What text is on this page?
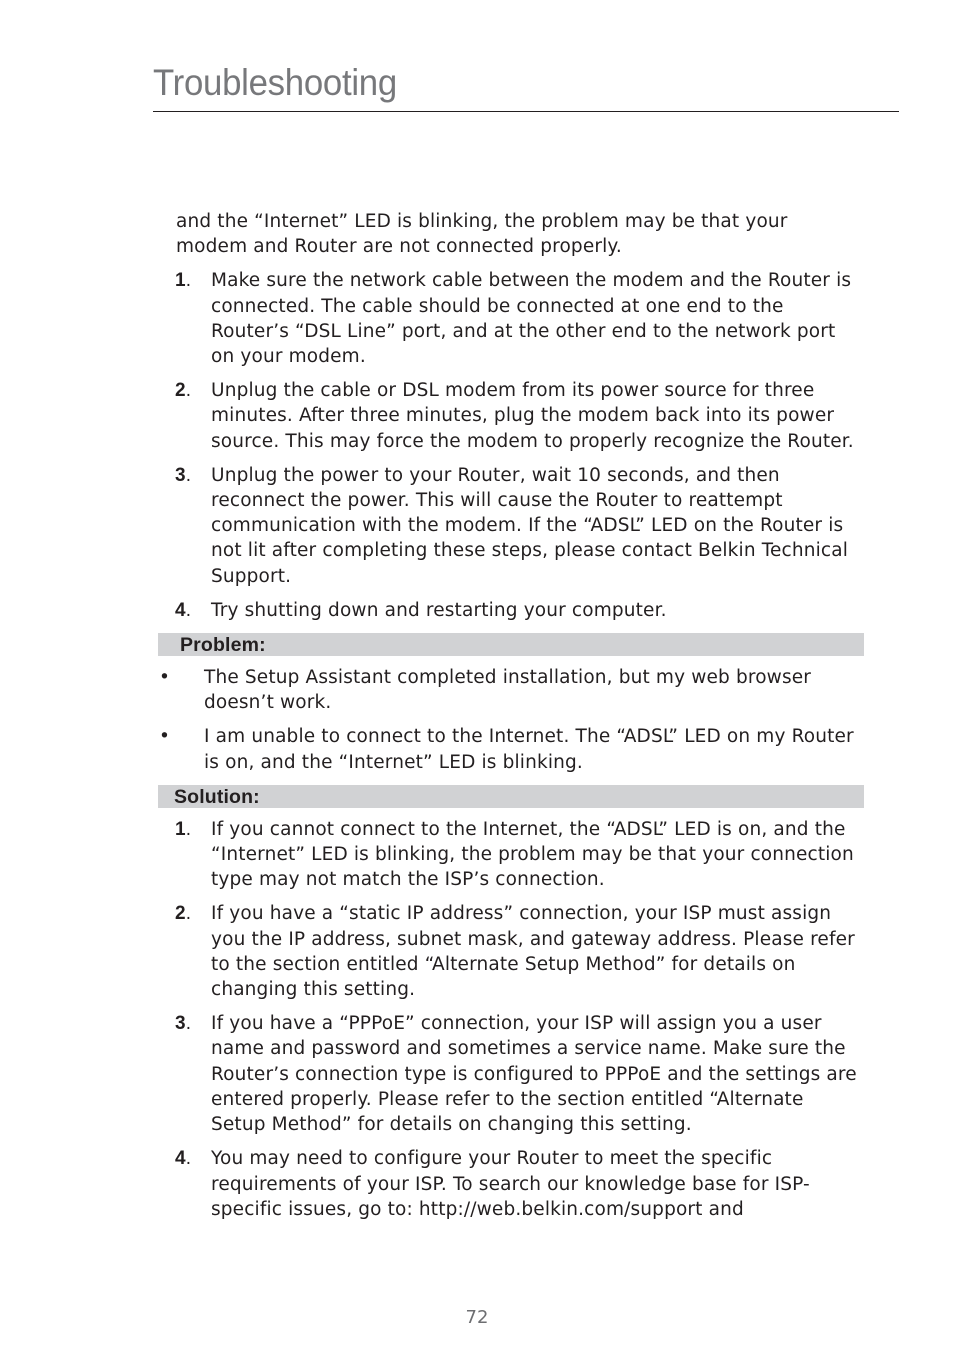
Troubleshooting

and the “Internet” LED is blinking, the problem may be that your modem and Router are not connected properly.

1. Make sure the network cable between the modem and the Router is connected. The cable should be connected at one end to the Router’s “DSL Line” port, and at the other end to the network port on your modem.
2. Unplug the cable or DSL modem from its power source for three minutes. After three minutes, plug the modem back into its power source. This may force the modem to properly recognize the Router.
3. Unplug the power to your Router, wait 10 seconds, and then reconnect the power. This will cause the Router to reattempt communication with the modem. If the “ADSL” LED on the Router is not lit after completing these steps, please contact Belkin Technical Support.
4. Try shutting down and restarting your computer.
Problem:
• The Setup Assistant completed installation, but my web browser doesn’t work.
• I am unable to connect to the Internet. The “ADSL” LED on my Router is on, and the “Internet” LED is blinking.
Solution:
1. If you cannot connect to the Internet, the “ADSL” LED is on, and the “Internet” LED is blinking, the problem may be that your connection type may not match the ISP’s connection.
2. If you have a “static IP address” connection, your ISP must assign you the IP address, subnet mask, and gateway address. Please refer to the section entitled “Alternate Setup Method” for details on changing this setting.
3. If you have a “PPPoE” connection, your ISP will assign you a user name and password and sometimes a service name. Make sure the Router’s connection type is configured to PPPoE and the settings are entered properly. Please refer to the section entitled “Alternate Setup Method” for details on changing this setting.
4. You may need to configure your Router to meet the specific requirements of your ISP. To search our knowledge base for ISP-specific issues, go to: http://web.belkin.com/support and
72
